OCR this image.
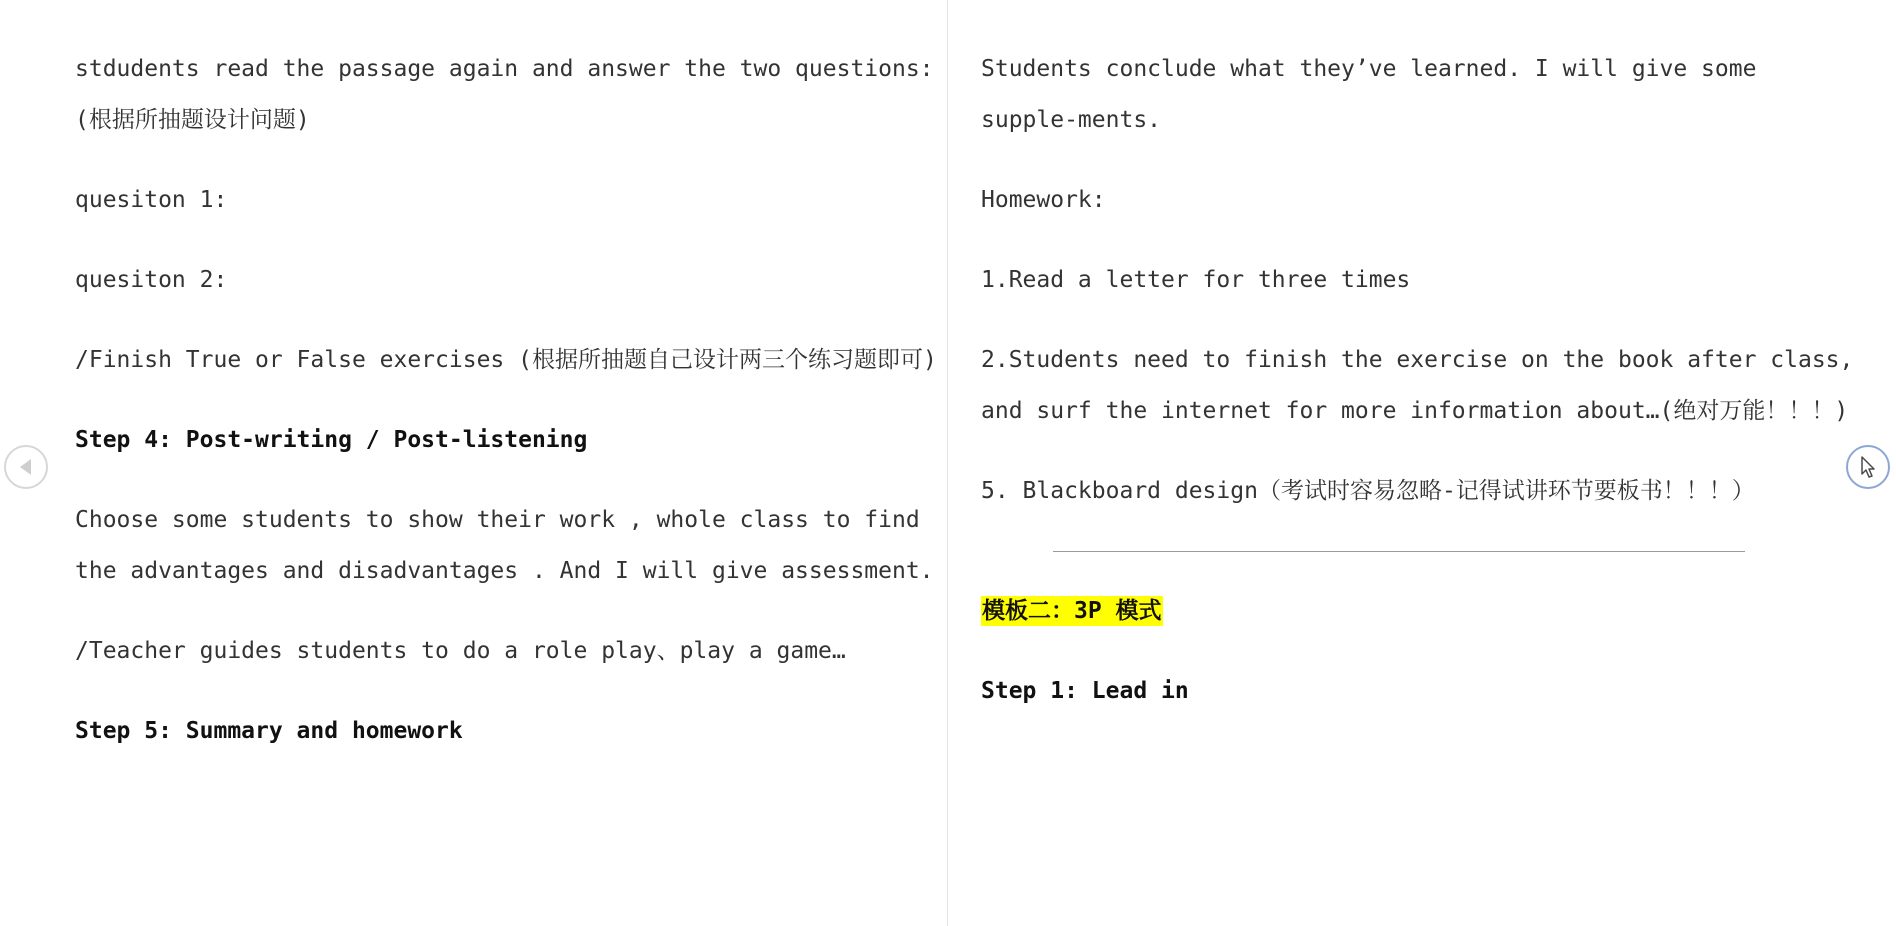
stdudents read the passage again and answer the two questions:(根据所抽题设计问题)

quesiton 1:

quesiton 2:

/Finish True or False exercises (根据所抽题自己设计两三个练习题即可)

Step 4: Post-writing / Post-listening

Choose some students to show their work , whole class to find the advantages and disadvantages . And I will give assessment.

/Teacher guides students to do a role play、play a game…

Step 5: Summary and homework

Students conclude what they’ve learned. I will give some supple-ments.

Homework:

1.Read a letter for three times

2.Students need to finish the exercise on the book after class, and surf the internet for more information about…(绝对万能！！！)

5. Blackboard design（考试时容易忽略-记得试讲环节要板书！！！）

模板二：3P 模式

Step 1: Lead in
